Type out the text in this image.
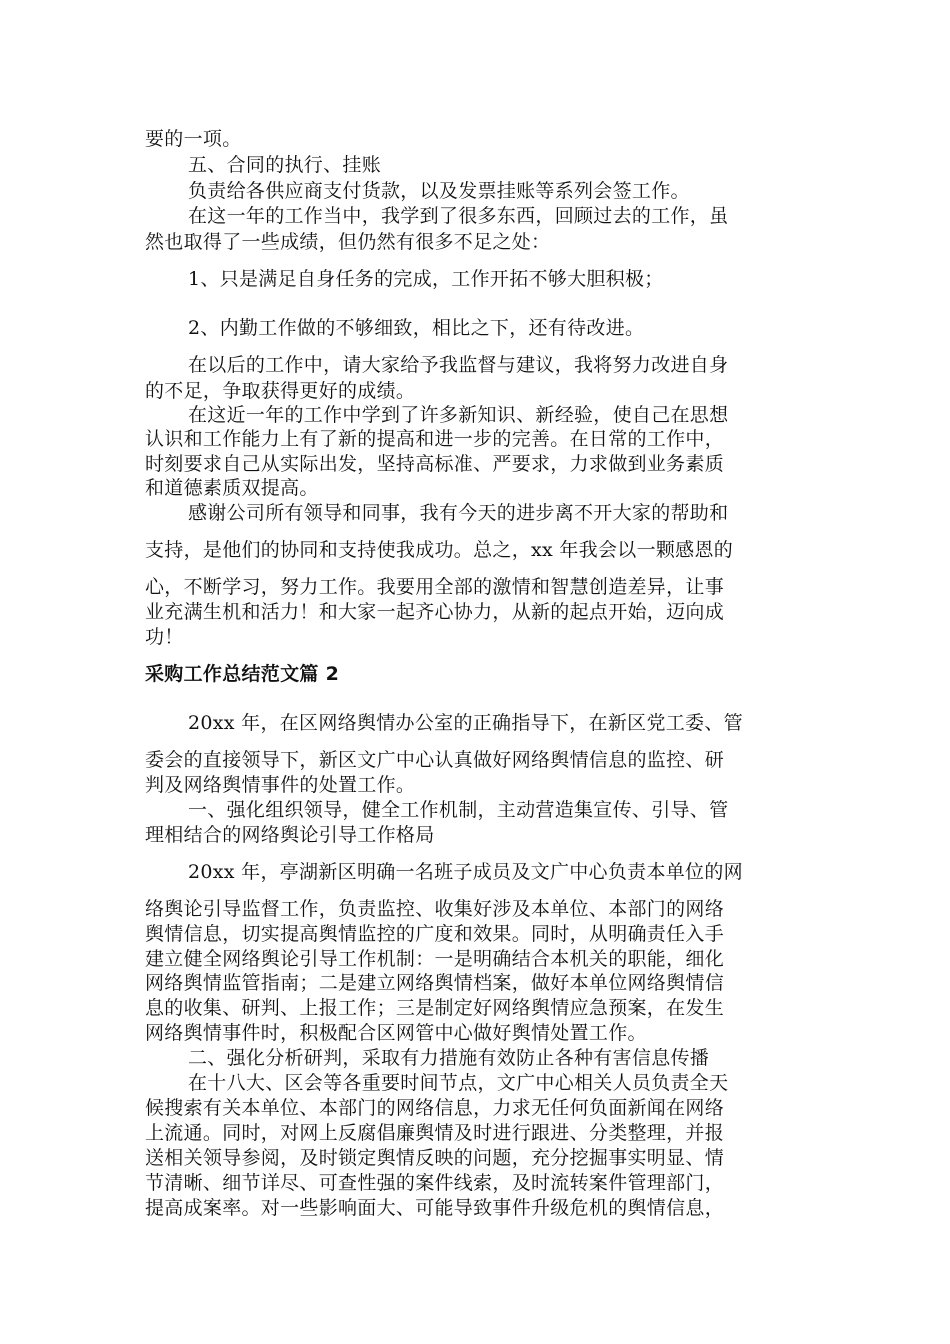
要的一项。
五、合同的执行、挂账
负责给各供应商支付货款，以及发票挂账等系列会签工作。
在这一年的工作当中，我学到了很多东西，回顾过去的工作，虽
然也取得了一些成绩，但仍然有很多不足之处：
1、只是满足自身任务的完成，工作开拓不够大胆积极；
2、内勤工作做的不够细致，相比之下，还有待改进。
在以后的工作中，请大家给予我监督与建议，我将努力改进自身
的不足，争取获得更好的成绩。
在这近一年的工作中学到了许多新知识、新经验，使自己在思想
认识和工作能力上有了新的提高和进一步的完善。在日常的工作中，
时刻要求自己从实际出发，坚持高标准、严要求，力求做到业务素质
和道德素质双提高。
感谢公司所有领导和同事，我有今天的进步离不开大家的帮助和
支持，是他们的协同和支持使我成功。总之，xx 年我会以一颗感恩的
心，不断学习，努力工作。我要用全部的激情和智慧创造差异，让事
业充满生机和活力！和大家一起齐心协力，从新的起点开始，迈向成
功！
采购工作总结范文篇 2
20xx 年，在区网络舆情办公室的正确指导下，在新区党工委、管
委会的直接领导下，新区文广中心认真做好网络舆情信息的监控、研
判及网络舆情事件的处置工作。
一、强化组织领导，健全工作机制，主动营造集宣传、引导、管
理相结合的网络舆论引导工作格局
20xx 年，亭湖新区明确一名班子成员及文广中心负责本单位的网
络舆论引导监督工作，负责监控、收集好涉及本单位、本部门的网络
舆情信息，切实提高舆情监控的广度和效果。同时，从明确责任入手
建立健全网络舆论引导工作机制：一是明确结合本机关的职能，细化
网络舆情监管指南；二是建立网络舆情档案，做好本单位网络舆情信
息的收集、研判、上报工作；三是制定好网络舆情应急预案，在发生
网络舆情事件时，积极配合区网管中心做好舆情处置工作。
二、强化分析研判，采取有力措施有效防止各种有害信息传播
在十八大、区会等各重要时间节点，文广中心相关人员负责全天
候搜索有关本单位、本部门的网络信息，力求无任何负面新闻在网络
上流通。同时，对网上反腐倡廉舆情及时进行跟进、分类整理，并报
送相关领导参阅，及时锁定舆情反映的问题，充分挖掘事实明显、情
节清晰、细节详尽、可查性强的案件线索，及时流转案件管理部门，
提高成案率。对一些影响面大、可能导致事件升级危机的舆情信息，
